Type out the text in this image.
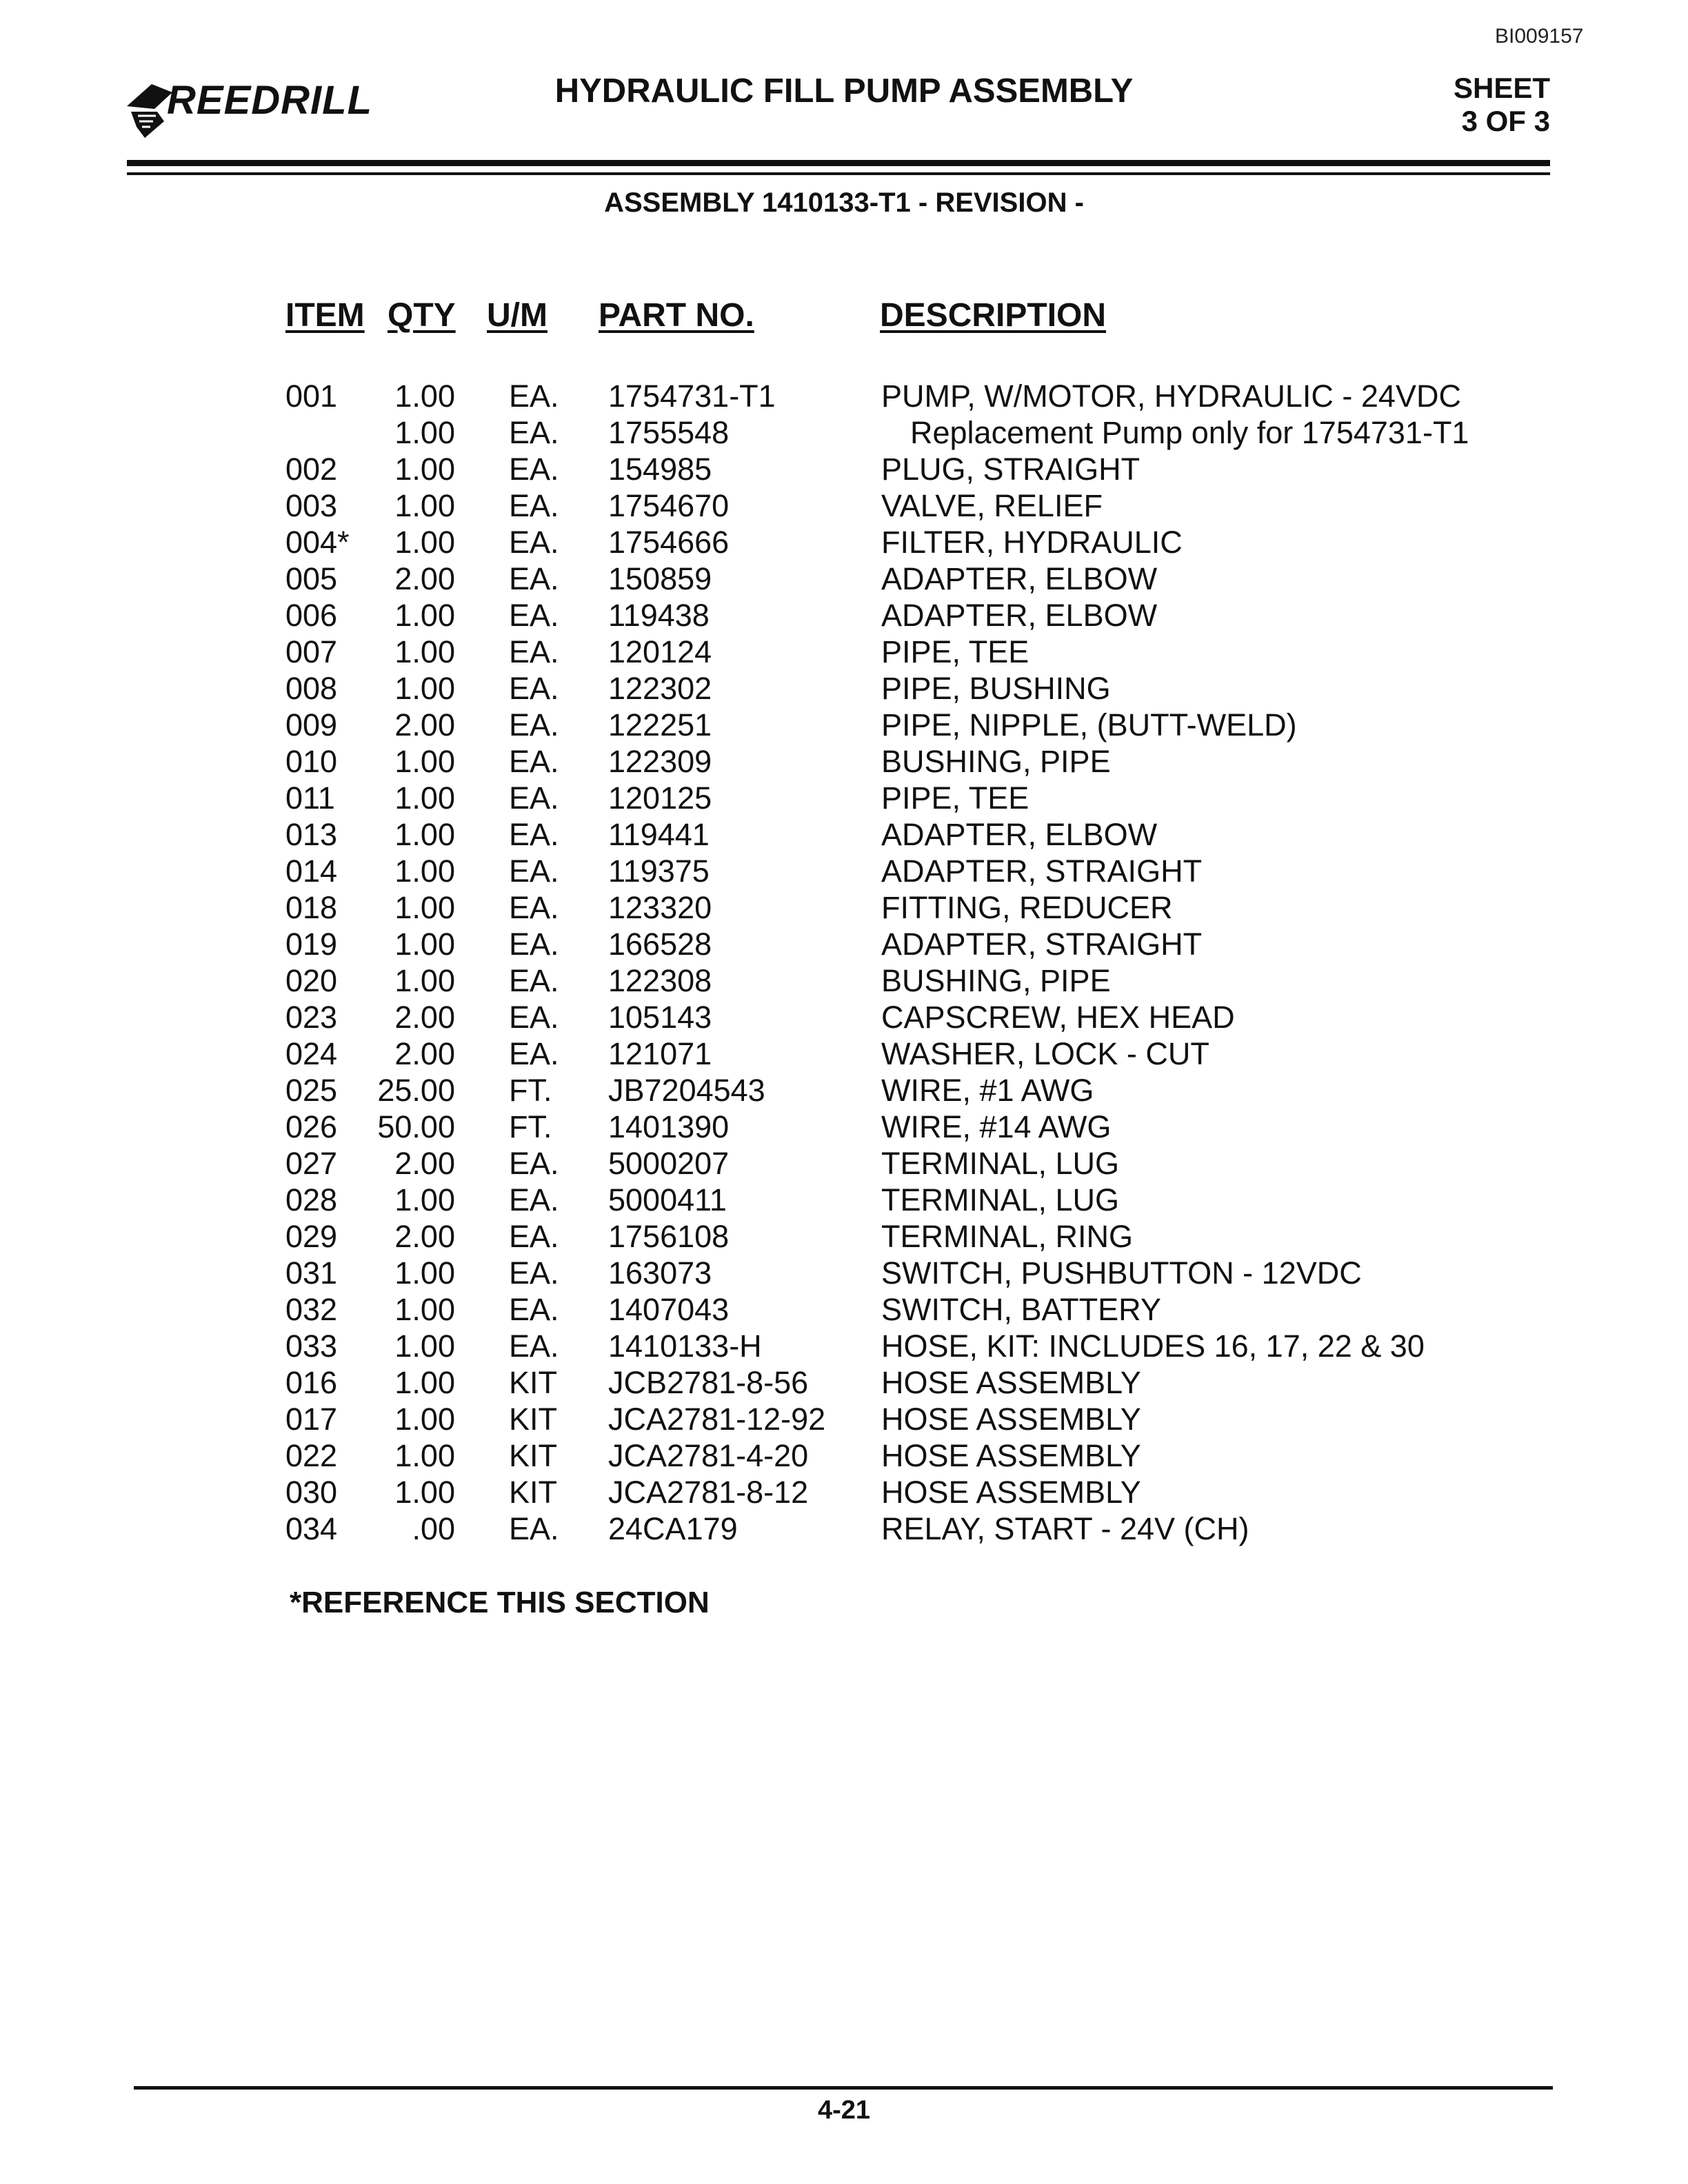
BI009157
REEDRILL	HYDRAULIC FILL PUMP ASSEMBLY	SHEET
3 OF 3
ASSEMBLY 1410133-T1 - REVISION -
ITEM QTY U/M PART NO.	DESCRIPTION
001	1.00 EA. 1754731-T1	PUMP, W/MOTOR, HYDRAULIC - 24VDC
1.00 EA. 1755548	Replacement Pump only for 1754731-T1
002	1.00 EA. 154985	PLUG, STRAIGHT
003	1.00 EA. 1754670	VALVE, RELIEF
004*	1.00 EA. 1754666	FILTER, HYDRAULIC
005	2.00 EA. 150859	ADAPTER, ELBOW
006	1.00 EA. 119438	ADAPTER, ELBOW
007	1.00 EA. 120124	PIPE, TEE
008	1.00 EA. 122302	PIPE, BUSHING
009	2.00 EA. 122251	PIPE, NIPPLE, (BUTT-WELD)
010	1.00 EA. 122309	BUSHING, PIPE
011	1.00 EA. 120125	PIPE, TEE
013	1.00 EA. 119441	ADAPTER, ELBOW
014	1.00 EA. 119375	ADAPTER, STRAIGHT
018	1.00 EA. 123320	FITTING, REDUCER
019	1.00 EA. 166528	ADAPTER, STRAIGHT
020	1.00 EA. 122308	BUSHING, PIPE
023	2.00 EA. 105143	CAPSCREW, HEX HEAD
024	2.00 EA. 121071	WASHER, LOCK - CUT
025	25.00 FT. JB7204543	WIRE, #1 AWG
026	50.00 FT. 1401390	WIRE, #14 AWG
027	2.00 EA. 5000207	TERMINAL, LUG
028	1.00 EA. 5000411	TERMINAL, LUG
029	2.00 EA. 1756108	TERMINAL, RING
031	1.00 EA. 163073	SWITCH, PUSHBUTTON - 12VDC
032	1.00 EA. 1407043	SWITCH, BATTERY
033	1.00 EA. 1410133-H	HOSE, KIT: INCLUDES 16, 17, 22 & 30
016	1.00 KIT JCB2781-8-56 HOSE ASSEMBLY
017	1.00 KIT JCA2781-12-92 HOSE ASSEMBLY
022	1.00 KIT JCA2781-4-20 HOSE ASSEMBLY
030	1.00 KIT JCA2781-8-12 HOSE ASSEMBLY
034	.00 EA. 24CA179	RELAY, START - 24V (CH)
*REFERENCE THIS SECTION
4-21
